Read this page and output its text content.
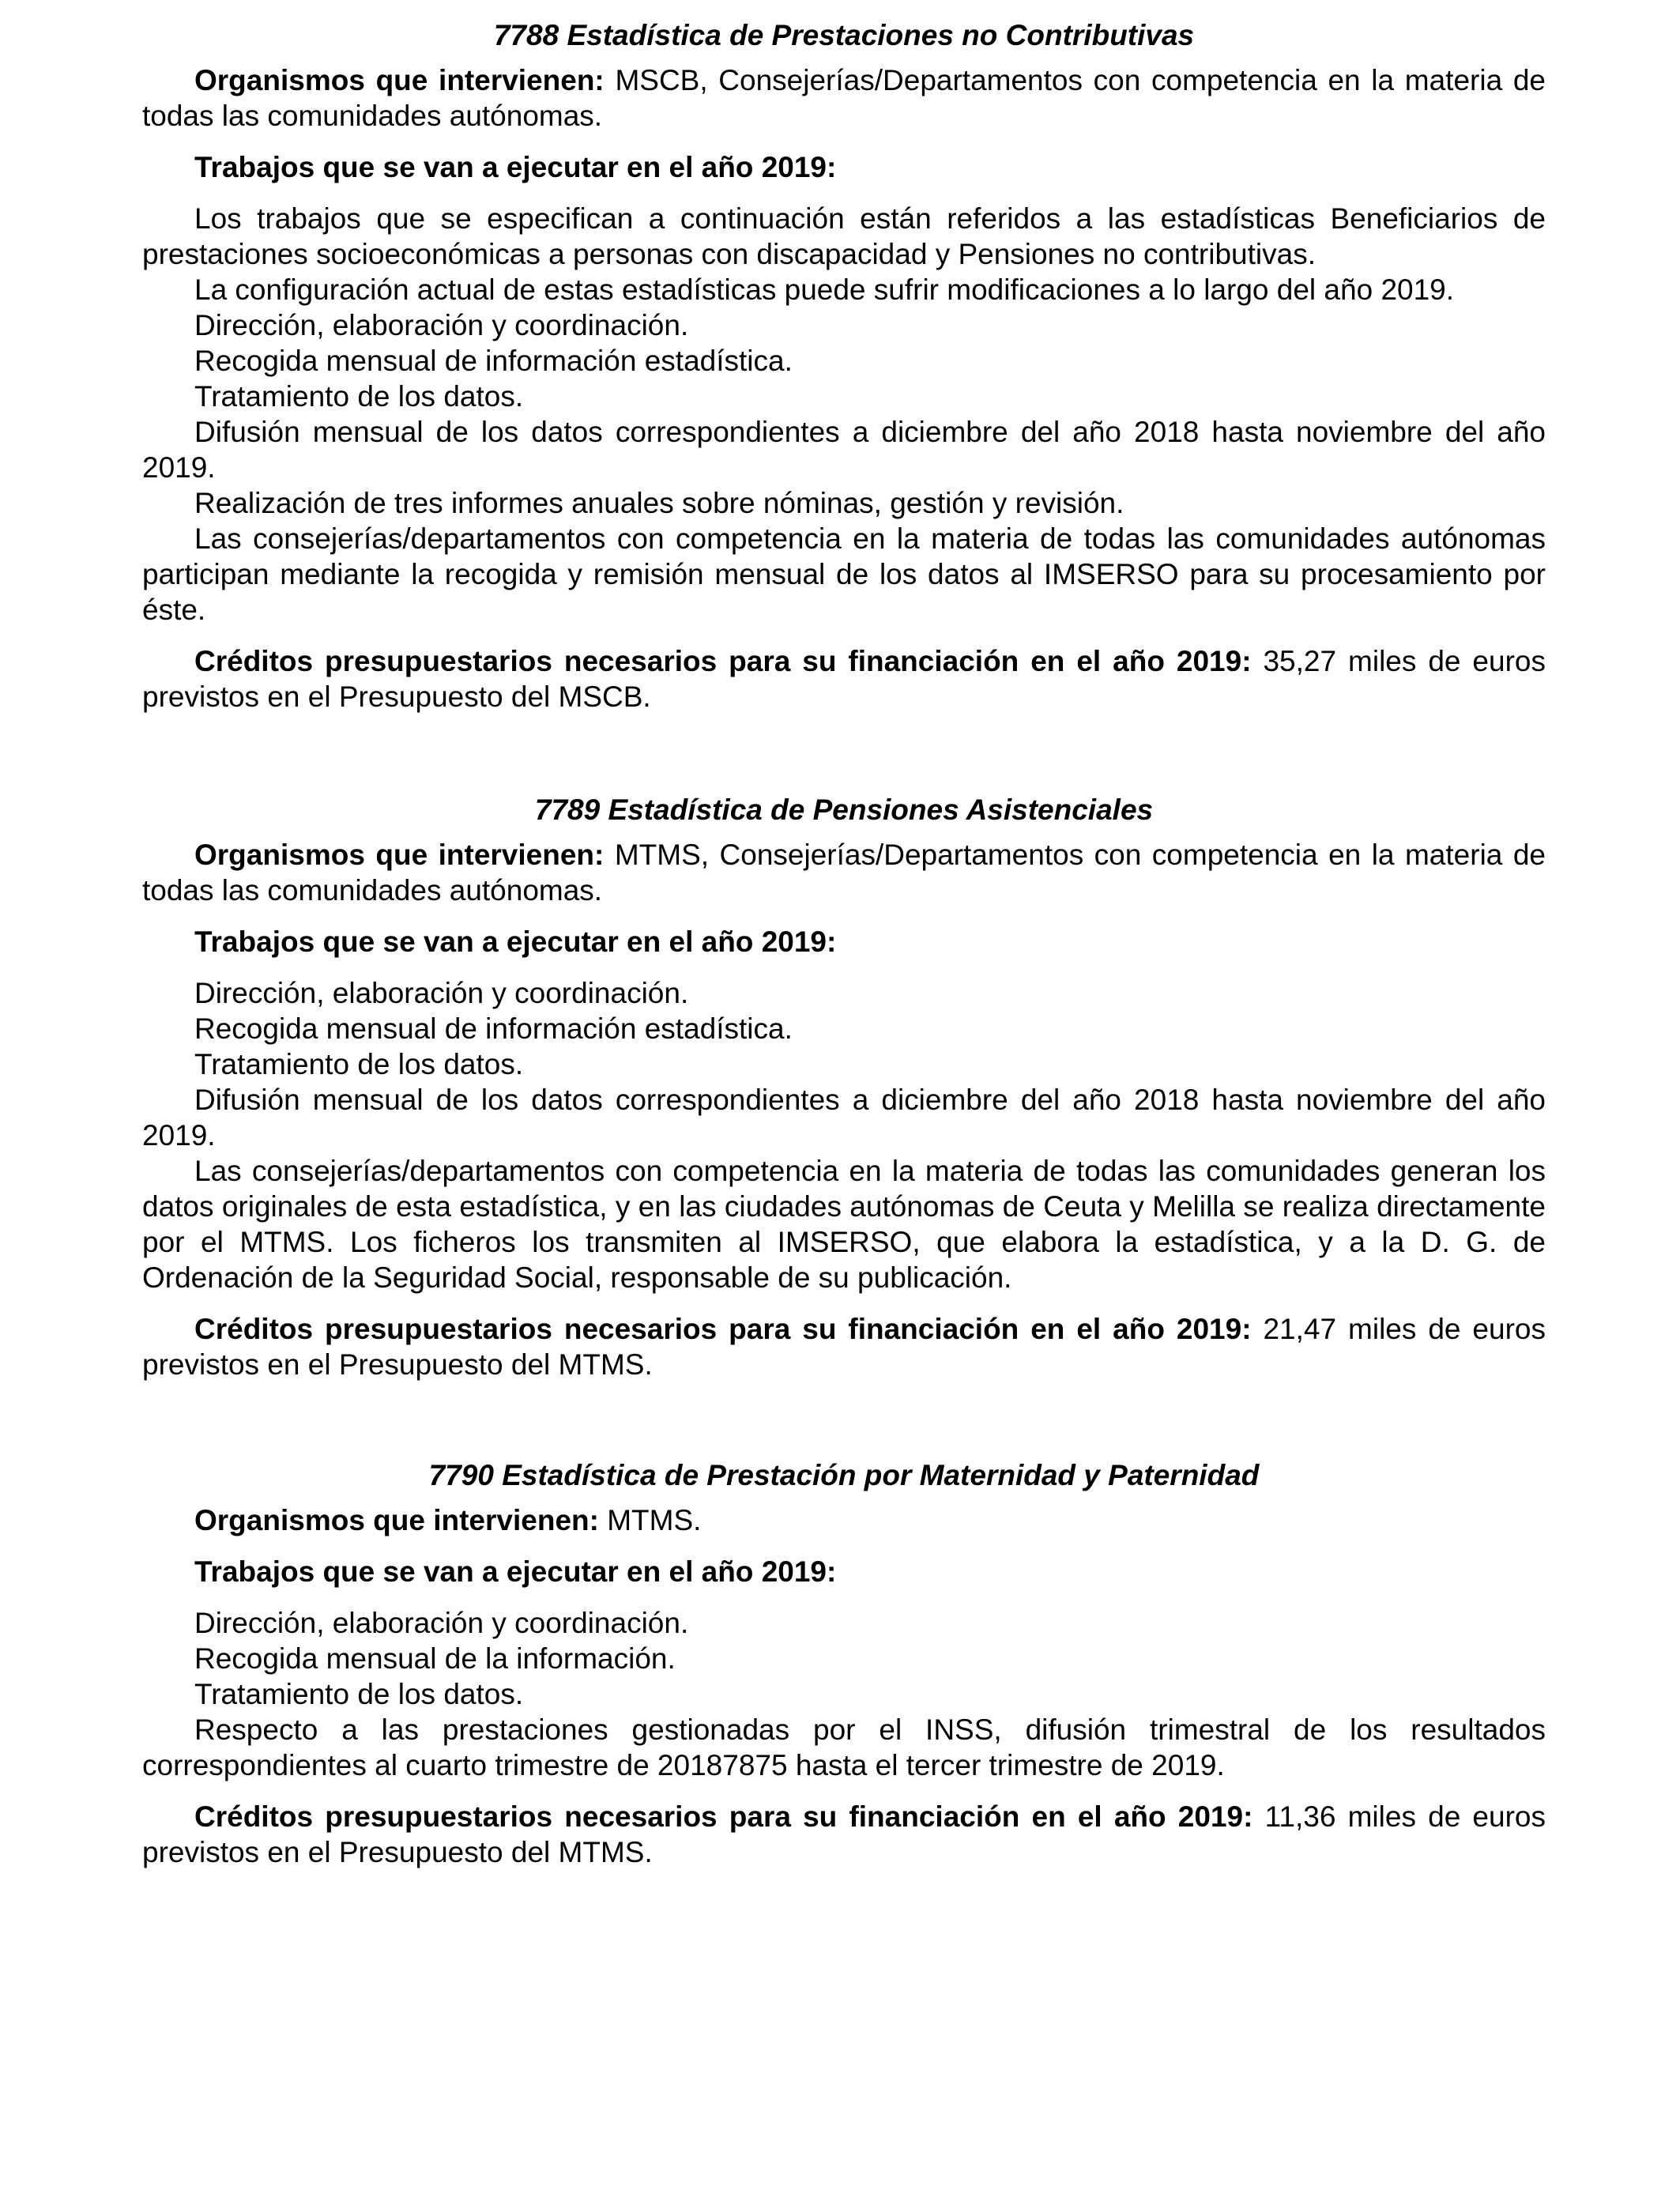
7788 Estadística de Prestaciones no Contributivas

Organismos que intervienen: MSCB, Consejerías/Departamentos con competencia en la materia de todas las comunidades autónomas.

Trabajos que se van a ejecutar en el año 2019:

Los trabajos que se especifican a continuación están referidos a las estadísticas Beneficiarios de prestaciones socioeconómicas a personas con discapacidad y Pensiones no contributivas.

La configuración actual de estas estadísticas puede sufrir modificaciones a lo largo del año 2019.

Dirección, elaboración y coordinación.

Recogida mensual de información estadística.

Tratamiento de los datos.

Difusión mensual de los datos correspondientes a diciembre del año 2018 hasta noviembre del año 2019.

Realización de tres informes anuales sobre nóminas, gestión y revisión.

Las consejerías/departamentos con competencia en la materia de todas las comunidades autónomas participan mediante la recogida y remisión mensual de los datos al IMSERSO para su procesamiento por éste.

Créditos presupuestarios necesarios para su financiación en el año 2019: 35,27 miles de euros previstos en el Presupuesto del MSCB.

7789 Estadística de Pensiones Asistenciales

Organismos que intervienen: MTMS, Consejerías/Departamentos con competencia en la materia de todas las comunidades autónomas.

Trabajos que se van a ejecutar en el año 2019:

Dirección, elaboración y coordinación.

Recogida mensual de información estadística.

Tratamiento de los datos.

Difusión mensual de los datos correspondientes a diciembre del año 2018 hasta noviembre del año 2019.

Las consejerías/departamentos con competencia en la materia de todas las comunidades generan los datos originales de esta estadística, y en las ciudades autónomas de Ceuta y Melilla se realiza directamente por el MTMS. Los ficheros los transmiten al IMSERSO, que elabora la estadística, y a la D. G. de Ordenación de la Seguridad Social, responsable de su publicación.

Créditos presupuestarios necesarios para su financiación en el año 2019: 21,47 miles de euros previstos en el Presupuesto del MTMS.

7790 Estadística de Prestación por Maternidad y Paternidad

Organismos que intervienen: MTMS.

Trabajos que se van a ejecutar en el año 2019:

Dirección, elaboración y coordinación.

Recogida mensual de la información.

Tratamiento de los datos.

Respecto a las prestaciones gestionadas por el INSS, difusión trimestral de los resultados correspondientes al cuarto trimestre de 20187875 hasta el tercer trimestre de 2019.

Créditos presupuestarios necesarios para su financiación en el año 2019: 11,36 miles de euros previstos en el Presupuesto del MTMS.
